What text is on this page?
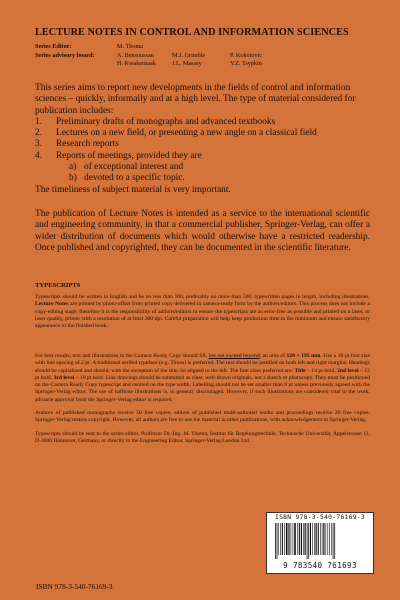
LECTURE NOTES IN CONTROL AND INFORMATION SCIENCES
Series Editor:	M. Thoma
Series advisory board:	A. Bensoussan	M.J. Grimble	P. Kokotovic
H. Kwakernaak	J.L. Massey	Y.Z. Tsypkin

This series aims to report new developments in the fields of control and information sciences – quickly, informally and at a high level. The type of material considered for publication includes:

1. Preliminary drafts of monographs and advanced textbooks
2. Lectures on a new field, or presenting a new angle on a classical field
3. Research reports
4. Reports of meetings, provided they are
a) of exceptional interest and
b) devoted to a specific topic.

The timeliness of subject material is very important.

The publication of Lecture Notes is intended as a service to the international scientific and engineering community, in that a commercial publisher, Springer-Verlag, can offer a wider distribution of documents which would otherwise have a restricted readership. Once published and copyrighted, they can be documented in the scientific literature.
TYPESCRIPTS
Typescripts should be written in English and be no less than 100, preferably no more than 500, typewritten pages in length, including illustrations. Lecture Notes are printed by photo-offset from printed copy delivered in camera-ready form by the authors/editors. This process does not include a copy-editing stage, therefore it is the responsibility of authors/editors to ensure the typescripts are as error-free as possible and printed on a laser, or laser quality, printer with a resolution of at least 300 dpi. Careful preparation will help keep production time to the minimum and ensure satisfactory appearance of the finished book.
For best results, text and illustrations in the Camera Ready Copy should fill, but not exceed beyond, an area of 120 × 195 mm. Use a 10 pt font size with line spacing of 2 pt. A traditional serifed typeface (e.g. Times) is preferred. The text should be justified on both left and right margins. Headings should be capitalized and should, with the exception of the title, be aligned to the left. The font sizes preferred are: Title – 14 pt bold, 2nd level – 12 pt bold, 3rd level – 10 pt bold. Line drawings should be submitted as clear, well-drawn originals, not a sketch or photocopy. They must be positioned on the Camera Ready Copy typescript and centred on the type width. Labelling should not be set smaller than 8 pt unless previously agreed with the Springer-Verlag editor. The use of halftone illustrations is, in general, discouraged. However, if such illustrations are considered vital to the work, advance approval from the Springer-Verlag editor is required.
Authors of published monographs receive 50 free copies; editors of published multi-authored works and proceedings receive 20 free copies. Springer-Verlag retains copyright. However, all authors are free to use the material in other publications, with acknowledgement to Springer-Verlag.
Typescripts should be sent to the series editor, Professor Dr.-Ing. M. Thoma, Institut für Regelungstechnik, Technische Universität, Appelstrasse 11, D-3000 Hannover, Germany, or directly to the Engineering Editor, Springer-Verlag London Ltd.
ISBN 978-3-540-76169-3
9 783540 761693
ISBN 978-3-540-76169-3
